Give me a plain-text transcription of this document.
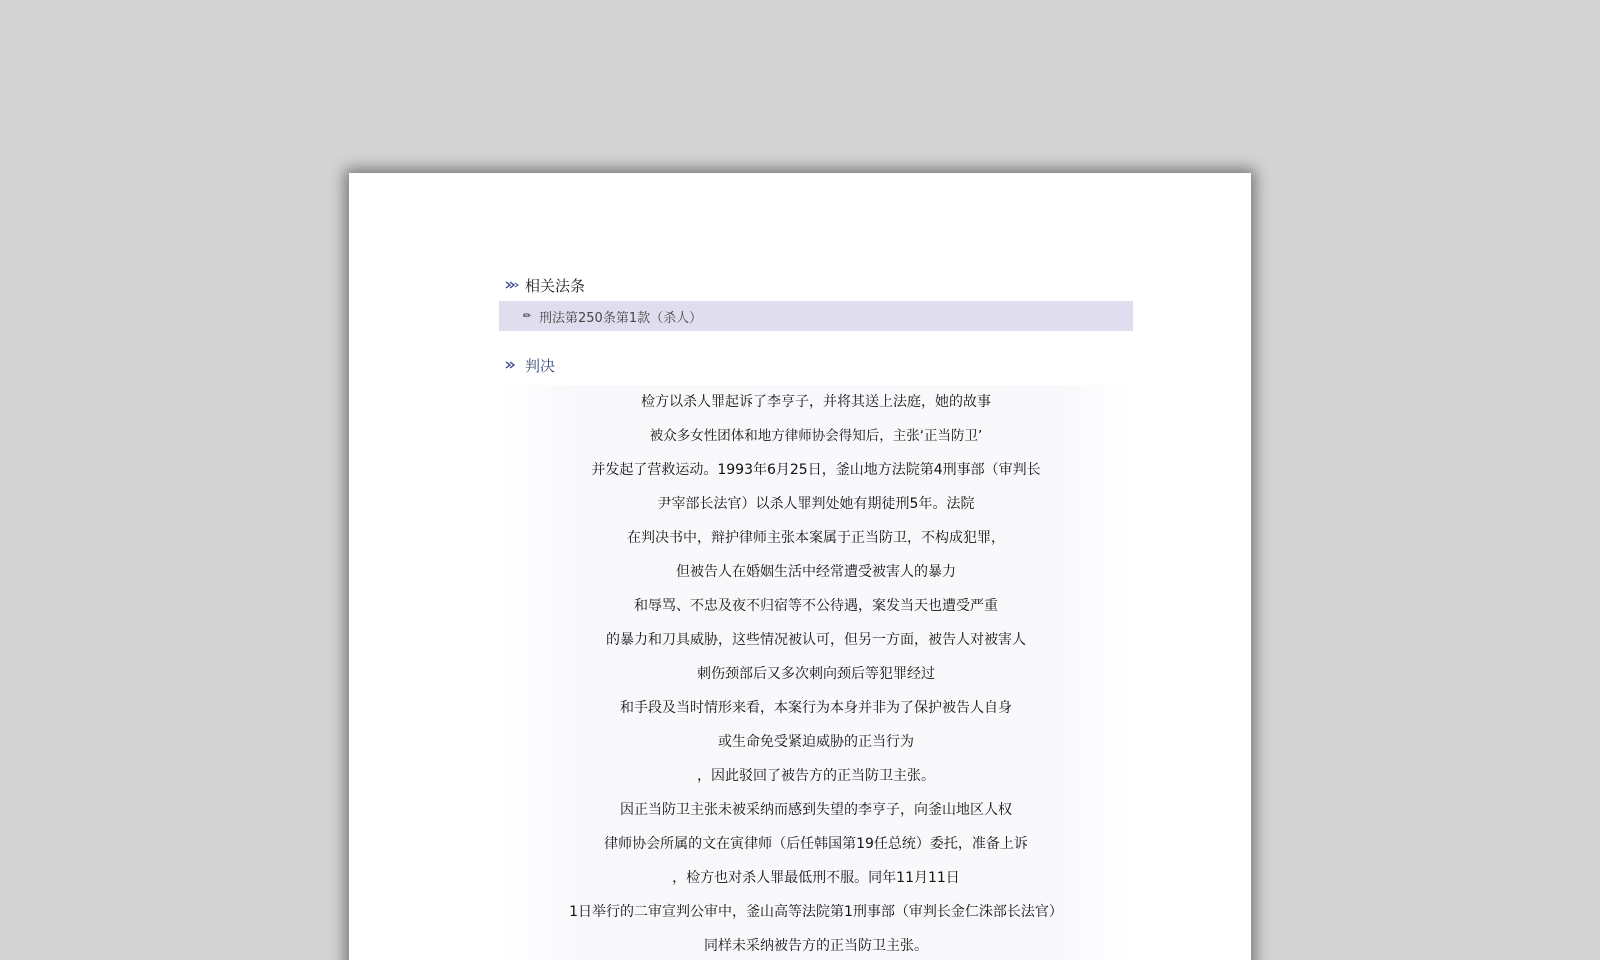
相关法条
✏ 刑法第250条第1款（杀人）
判决
检方以杀人罪起诉了李亨子，并将其送上法庭，她的故事
被众多女性团体和地方律师协会得知后，主张‘正当防卫’
并发起了营救运动。1993年6月25日，釜山地方法院第4刑事部（审判长
尹宰部长法官）以杀人罪判处她有期徒刑5年。法院
在判决书中，辩护律师主张本案属于正当防卫，不构成犯罪，
但被告人在婚姻生活中经常遭受被害人的暴力
和辱骂、不忠及夜不归宿等不公待遇，案发当天也遭受严重
的暴力和刀具威胁，这些情况被认可，但另一方面，被告人对被害人
刺伤颈部后又多次刺向颈后等犯罪经过
和手段及当时情形来看，本案行为本身并非为了保护被告人自身
或生命免受紧迫威胁的正当行为
，因此驳回了被告方的正当防卫主张。
因正当防卫主张未被采纳而感到失望的李亨子，向釜山地区人权
律师协会所属的文在寅律师（后任韩国第19任总统）委托，准备上诉
，检方也对杀人罪最低刑不服。同年11月11日
1日举行的二审宣判公审中，釜山高等法院第1刑事部（审判长金仁洙部长法官）
同样未采纳被告方的正当防卫主张。
